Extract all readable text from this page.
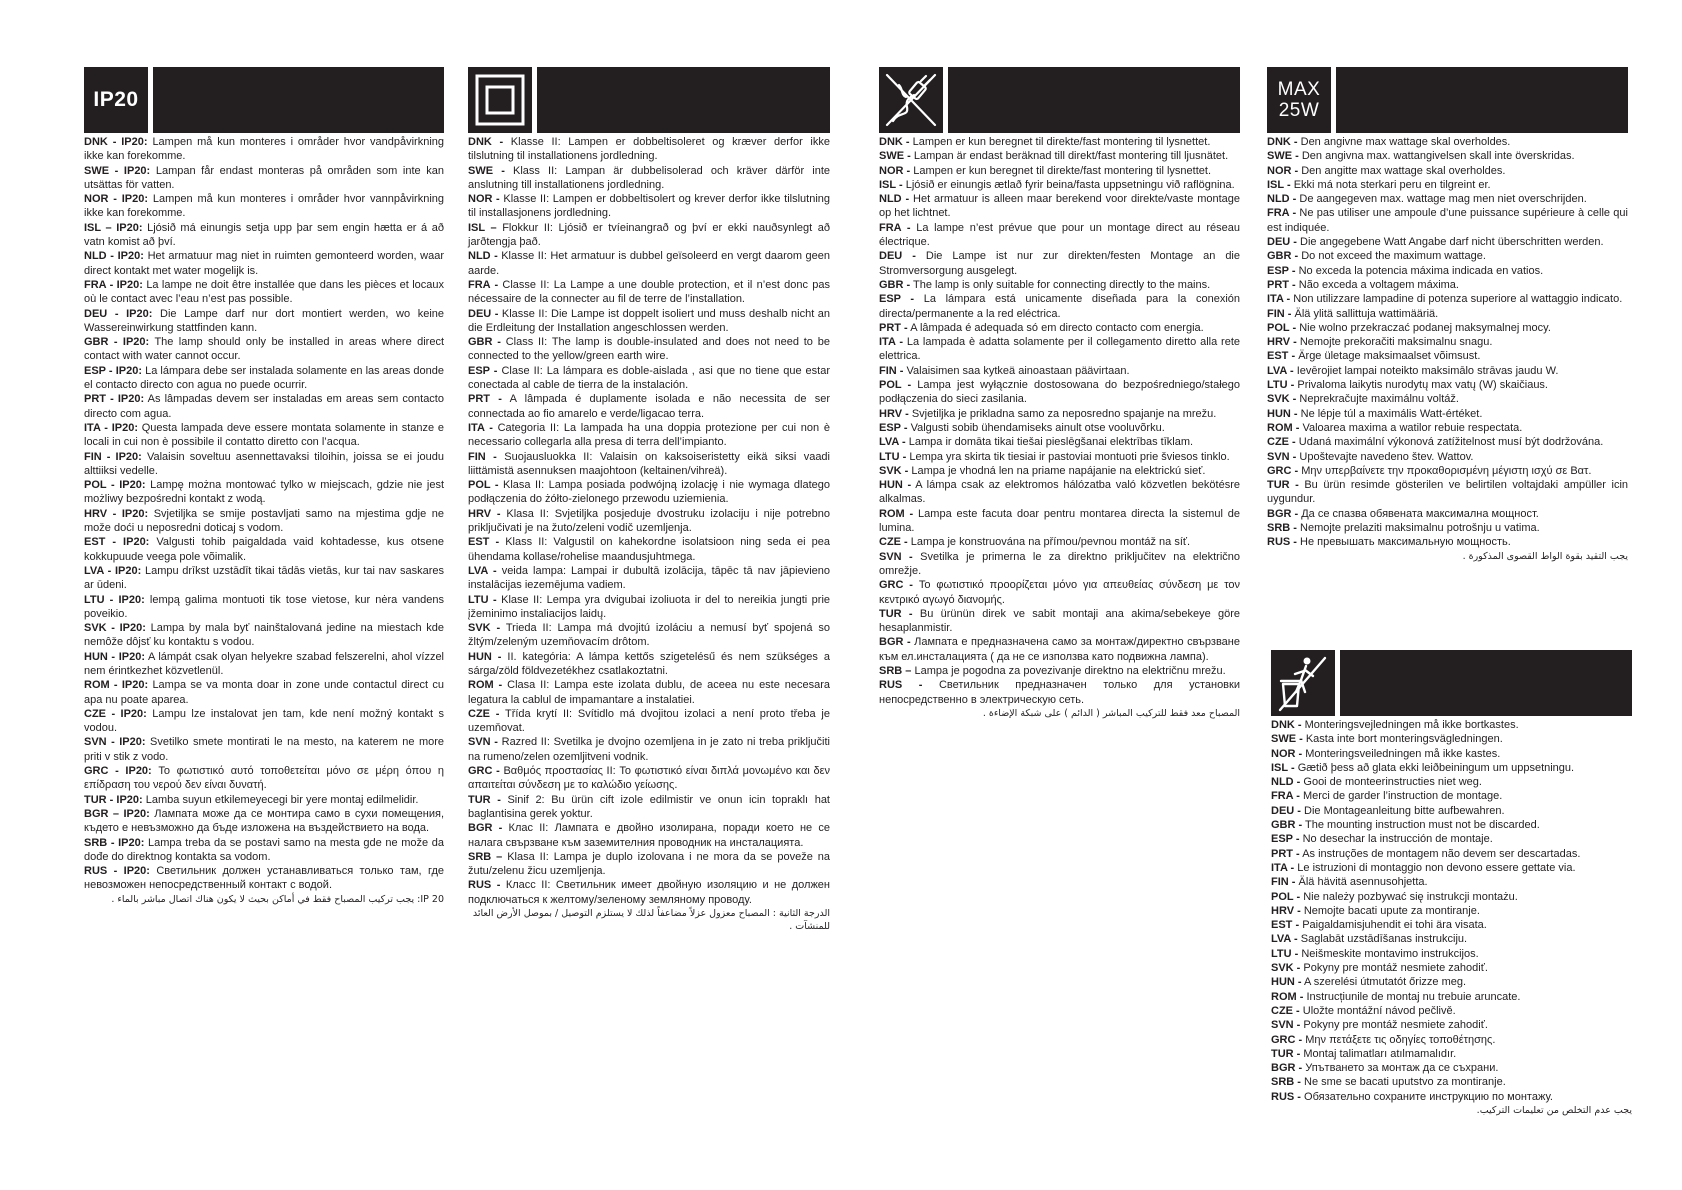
IP20

DNK - IP20: Lampen må kun monteres i områder hvor vandpåvirkning ikke kan forekomme.

SWE - IP20: Lampan får endast monteras på områden som inte kan utsättas för vatten.

NOR - IP20: Lampen må kun monteres i områder hvor vannpåvirkning ikke kan forekomme.

ISL – IP20: Ljósið má einungis setja upp þar sem engin hætta er á að vatn komist að því.

NLD - IP20: Het armatuur mag niet in ruimten gemonteerd worden, waar direct kontakt met water mogelijk is.

FRA - IP20: La lampe ne doit être installée que dans les pièces et locaux où le contact avec l’eau n’est pas possible.

DEU - IP20: Die Lampe darf nur dort montiert werden, wo keine Wassereinwirkung stattfinden kann.

GBR - IP20: The lamp should only be installed in areas where direct contact with water cannot occur.

ESP - IP20: La lámpara debe ser instalada solamente en las areas donde el contacto directo con agua no puede ocurrir.

PRT - IP20: As lâmpadas devem ser instaladas em areas sem contacto directo com agua.

ITA - IP20: Questa lampada deve essere montata solamente in stanze e locali in cui non è possibile il contatto diretto con l’acqua.

FIN - IP20: Valaisin soveltuu asennettavaksi tiloihin, joissa se ei joudu alttiiksi vedelle.

POL - IP20: Lampę można montować tylko w miejscach, gdzie nie jest możliwy bezpośredni kontakt z wodą.

HRV - IP20: Svjetiljka se smije postavljati samo na mjestima gdje ne može doći u neposredni doticaj s vodom.

EST - IP20: Valgusti tohib paigaldada vaid kohtadesse, kus otsene kokkupuude veega pole võimalik.

LVA - IP20: Lampu drīkst uzstādīt tikai tādās vietās, kur tai nav saskares ar ūdeni.

LTU - IP20: lempą galima montuoti tik tose vietose, kur nėra vandens poveikio.

SVK - IP20: Lampa by mala byť nainštalovaná jedine na miestach kde nemôže dôjsť ku kontaktu s vodou.

HUN - IP20: A lámpát csak olyan helyekre szabad felszerelni, ahol vízzel nem érintkezhet közvetlenül.

ROM - IP20: Lampa se va monta doar in zone unde contactul direct cu apa nu poate aparea.

CZE - IP20: Lampu lze instalovat jen tam, kde není možný kontakt s vodou.

SVN - IP20: Svetilko smete montirati le na mesto, na katerem ne more priti v stik z vodo.

GRC - IP20: Το φωτιστικό αυτό τοποθετείται μόνο σε μέρη όπου η επίδραση του νερού δεν είναι δυνατή.

TUR - IP20: Lamba suyun etkilemeyecegi bir yere montaj edilmelidir.

BGR – IP20: Лампата може да се монтира само в сухи помещения, където е невъзможно да бъде изложена на въздействието на вода.

SRB - IP20: Lampa treba da se postavi samo na mesta gde ne može da dođe do direktnog kontakta sa vodom.

RUS - IP20: Светильник должен устанавливаться только там, где невозможен непосредственный контакт с водой.

IP 20: يجب تركيب المصباح فقط في أماكن بحيث لا يكون هناك اتصال مباشر بالماء .

DNK - Klasse II: Lampen er dobbeltisoleret og kræver derfor ikke tilslutning til installationens jordledning.

SWE - Klass II: Lampan är dubbelisolerad och kräver därför inte anslutning till installationens jordledning.

NOR - Klasse II: Lampen er dobbeltisolert og krever derfor ikke tilslutning til installasjonens jordledning.

ISL – Flokkur II: Ljósið er tvíeinangrað og því er ekki nauðsynlegt að jarðtengja það.

NLD - Klasse II: Het armatuur is dubbel geïsoleerd en vergt daarom geen aarde.

FRA - Classe II: La Lampe a une double protection, et il n’est donc pas nécessaire de la connecter au fil de terre de l’installation.

DEU - Klasse II: Die Lampe ist doppelt isoliert und muss deshalb nicht an die Erdleitung der Installation angeschlossen werden.

GBR - Class II: The lamp is double-insulated and does not need to be connected to the yellow/green earth wire.

ESP - Clase II: La lámpara es doble-aislada , asi que no tiene que estar conectada al cable de tierra de la instalación.

PRT - A lâmpada é duplamente isolada e não necessita de ser connectada ao fio amarelo e verde/ligacao terra.

ITA - Categoria II: La lampada ha una doppia protezione per cui non è necessario collegarla alla presa di terra dell’impianto.

FIN - Suojausluokka II: Valaisin on kaksoiseristetty eikä siksi vaadi liittämistä asennuksen maajohtoon (keltainen/vihreä).

POL - Klasa II: Lampa posiada podwójną izolację i nie wymaga dlatego podłączenia do żółto-zielonego przewodu uziemienia.

HRV - Klasa II: Svjetiljka posjeduje dvostruku izolaciju i nije potrebno priključivati je na žuto/zeleni vodič uzemljenja.

EST - Klass II: Valgustil on kahekordne isolatsioon ning seda ei pea ühendama kollase/rohelise maandusjuhtmega.

LVA - veida lampa: Lampai ir dubultā izolācija, tāpēc tā nav jāpievieno instalācijas iezemējuma vadiem.

LTU - Klase II: Lempa yra dvigubai izoliuota ir del to nereikia jungti prie įžeminimo instaliacijos laidų.

SVK - Trieda II: Lampa má dvojitú izoláciu a nemusí byť spojená so žltým/zeleným uzemňovacím drôtom.

HUN - II. kategória: A lámpa kettős szigetelésű és nem szükséges a sárga/zöld földvezetékhez csatlakoztatni.

ROM - Clasa II: Lampa este izolata dublu, de aceea nu este necesara legatura la cablul de impamantare a instalatiei.

CZE - Třída krytí II: Svítidlo má dvojitou izolaci a není proto třeba je uzemňovat.

SVN - Razred II: Svetilka je dvojno ozemljena in je zato ni treba priključiti na rumeno/zelen ozemljitveni vodnik.

GRC - Βαθμός προστασίας II: Το φωτιστικό είναι διπλά μονωμένο και δεν απαιτείται σύνδεση με το καλώδιο γείωσης.

TUR - Sinif 2: Bu ürün cift izole edilmistir ve onun icin topraklı hat baglantisina gerek yoktur.

BGR - Клас II: Лампата е двойно изолирана, поради което не се налага свързване към заземителния проводник на инсталацията.

SRB – Klasa II: Lampa je duplo izolovana i ne mora da se poveže na žutu/zelenu žicu uzemljenja.

RUS - Класс II: Светильник имеет двойную изоляцию и не должен подключаться к желтому/зеленому земляному проводу.

الدرجة الثانية : المصباح معزول عزلاً مضاعفاً لذلك لا يستلزم التوصيل / بموصل الأرض العائد للمنشآت .

DNK - Lampen er kun beregnet til direkte/fast montering til lysnettet.

SWE - Lampan är endast beräknad till direkt/fast montering till ljusnätet.

NOR - Lampen er kun beregnet til direkte/fast montering til lysnettet.

ISL - Ljósið er einungis ætlað fyrir beina/fasta uppsetningu við raflögnina.

NLD - Het armatuur is alleen maar berekend voor direkte/vaste montage op het lichtnet.

FRA - La lampe n’est prévue que pour un montage direct au réseau électrique.

DEU - Die Lampe ist nur zur direkten/festen Montage an die Stromversorgung ausgelegt.

GBR - The lamp is only suitable for connecting directly to the mains.

ESP - La lámpara está unicamente diseñada para la conexión directa/permanente a la red eléctrica.

PRT - A lâmpada é adequada só em directo contacto com energia.

ITA - La lampada è adatta solamente per il collegamento diretto alla rete elettrica.

FIN - Valaisimen saa kytkeä ainoastaan päävirtaan.

POL - Lampa jest wyłącznie dostosowana do bezpośredniego/stałego podłączenia do sieci zasilania.

HRV - Svjetiljka je prikladna samo za neposredno spajanje na mrežu.

ESP - Valgusti sobib ühendamiseks ainult otse vooluvõrku.

LVA - Lampa ir domāta tikai tiešai pieslēgšanai elektrības tīklam.

LTU - Lempa yra skirta tik tiesiai ir pastoviai montuoti prie šviesos tinklo.

SVK - Lampa je vhodná len na priame napájanie na elektrickú sieť.

HUN - A lámpa csak az elektromos hálózatba való közvetlen bekötésre alkalmas.

ROM - Lampa este facuta doar pentru montarea directa la sistemul de lumina.

CZE - Lampa je konstruována na přímou/pevnou montáž na síť.

SVN - Svetilka je primerna le za direktno priključitev na električno omrežje.

GRC - Το φωτιστικό προορίζεται μόνο για απευθείας σύνδεση με τον κεντρικό αγωγό διανομής.

TUR - Bu ürünün direk ve sabit montaji ana akima/sebekeye göre hesaplanmistir.

BGR - Лампата е предназначена само за монтаж/директно свързване към ел.инсталацията ( да не се използва като подвижна лампа).

SRB – Lampa je pogodna za povezivanje direktno na električnu mrežu.

RUS - Светильник предназначен только для установки непосредственно в электрическую сеть.

المصباح معد فقط للتركيب المباشر ( الدائم ) على شبكة الإضاءة .

MAX
25W

DNK - Den angivne max wattage skal overholdes.

SWE - Den angivna max. wattangivelsen skall inte överskridas.

NOR - Den angitte max wattage skal overholdes.

ISL - Ekki má nota sterkari peru en tilgreint er.

NLD - De aangegeven max. wattage mag men niet overschrijden.

FRA - Ne pas utiliser une ampoule d’une puissance supérieure à celle qui est indiquée.

DEU - Die angegebene Watt Angabe darf nicht überschritten werden.

GBR - Do not exceed the maximum wattage.

ESP - No exceda la potencia máxima indicada en vatios.

PRT - Não exceda a voltagem máxima.

ITA - Non utilizzare lampadine di potenza superiore al wattaggio indicato.

FIN - Älä ylitä sallittuja wattimääriä.

POL - Nie wolno przekraczać podanej maksymalnej mocy.

HRV - Nemojte prekoračiti maksimalnu snagu.

EST - Ärge ületage maksimaalset võimsust.

LVA - Ievērojiet lampai noteikto maksimālo strāvas jaudu W.

LTU - Privaloma laikytis nurodytų max vatų (W) skaičiaus.

SVK - Neprekračujte maximálnu voltáž.

HUN - Ne lépje túl a maximális Watt-értéket.

ROM - Valoarea maxima a watilor rebuie respectata.

CZE - Udaná maximální výkonová zatížitelnost musí být dodržována.

SVN - Upoštevajte navedeno štev. Wattov.

GRC - Μην υπερβαίνετε την προκαθορισμένη μέγιστη ισχύ σε Βατ.

TUR - Bu ürün resimde gösterilen ve belirtilen voltajdaki ampüller icin uygundur.

BGR - Да се спазва обявената максимална мощност.

SRB - Nemojte prelaziti maksimalnu potrošnju u vatima.

RUS - Не превышать максимальную мощность.

يجب التقيد بقوة الواط القصوى المذكورة .

DNK - Monteringsvejledningen må ikke bortkastes.

SWE - Kasta inte bort monteringsvägledningen.

NOR - Monteringsveiledningen må ikke kastes.

ISL - Gætið þess að glata ekki leiðbeiningum um uppsetningu.

NLD - Gooi de monteerinstructies niet weg.

FRA - Merci de garder l’instruction de montage.

DEU - Die Montageanleitung bitte aufbewahren.

GBR - The mounting instruction must not be discarded.

ESP - No desechar la instrucción de montaje.

PRT - As instruções de montagem não devem ser descartadas.

ITA - Le istruzioni di montaggio non devono essere gettate via.

FIN - Älä hävitä asennusohjetta.

POL - Nie należy pozbywać się instrukcji montażu.

HRV - Nemojte bacati upute za montiranje.

EST - Paigaldamisjuhendit ei tohi ära visata.

LVA - Saglabāt uzstādīšanas instrukciju.

LTU - Neišmeskite montavimo instrukcijos.

SVK - Pokyny pre montáž nesmiete zahodiť.

HUN - A szerelési útmutatót őrizze meg.

ROM - Instrucțiunile de montaj nu trebuie aruncate.

CZE - Uložte montážní návod pečlivě.

SVN - Pokyny pre montáž nesmiete zahodiť.

GRC - Μην πετάξετε τις οδηγίες τοποθέτησης.

TUR - Montaj talimatları atılmamalıdır.

BGR - Упътването за монтаж да се съхрани.

SRB - Ne sme se bacati uputstvo za montiranje.

RUS - Обязательно сохраните инструкцию по монтажу.

يجب عدم التخلص من تعليمات التركيب.
